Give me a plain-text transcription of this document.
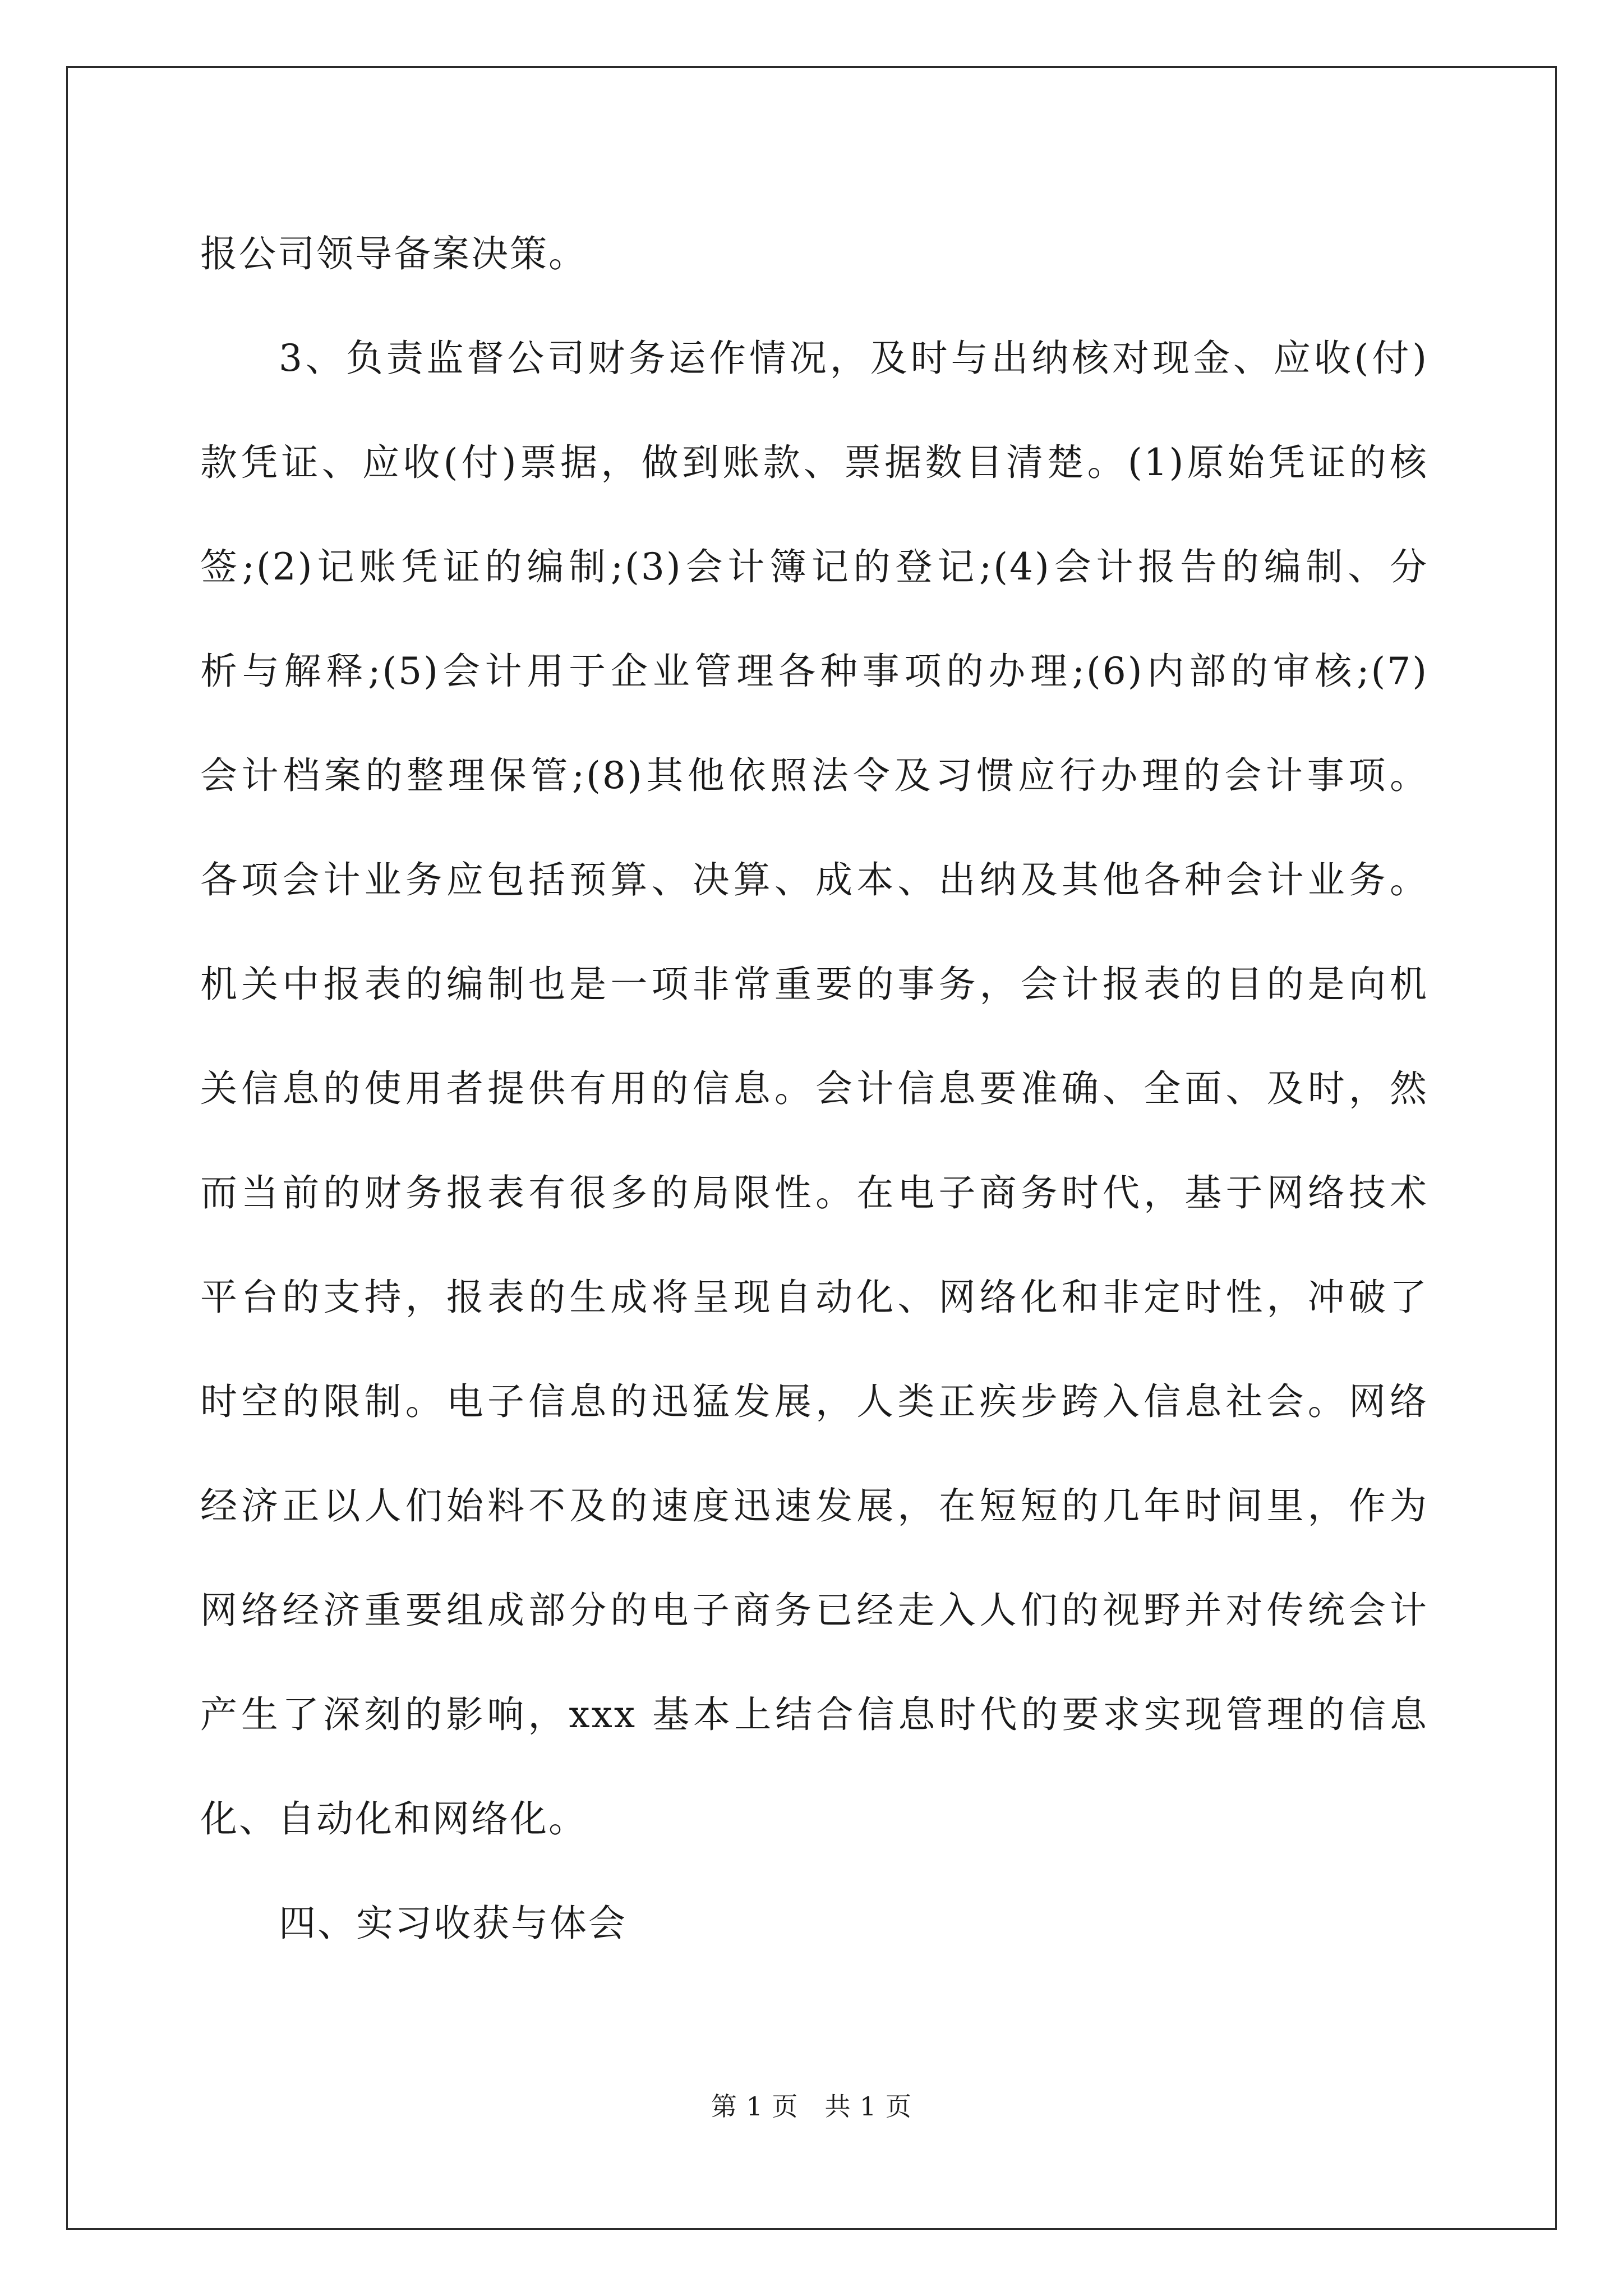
报公司领导备案决策。
3、负责监督公司财务运作情况，及时与出纳核对现金、应收(付)
款凭证、应收(付)票据，做到账款、票据数目清楚。(1)原始凭证的核
签;(2)记账凭证的编制;(3)会计簿记的登记;(4)会计报告的编制、分
析与解释;(5)会计用于企业管理各种事项的办理;(6)内部的审核;(7)
会计档案的整理保管;(8)其他依照法令及习惯应行办理的会计事项。
各项会计业务应包括预算、决算、成本、出纳及其他各种会计业务。
机关中报表的编制也是一项非常重要的事务，会计报表的目的是向机
关信息的使用者提供有用的信息。会计信息要准确、全面、及时，然
而当前的财务报表有很多的局限性。在电子商务时代，基于网络技术
平台的支持，报表的生成将呈现自动化、网络化和非定时性，冲破了
时空的限制。电子信息的迅猛发展，人类正疾步跨入信息社会。网络
经济正以人们始料不及的速度迅速发展，在短短的几年时间里，作为
网络经济重要组成部分的电子商务已经走入人们的视野并对传统会计
产生了深刻的影响，xxx 基本上结合信息时代的要求实现管理的信息
化、自动化和网络化。
四、实习收获与体会
第 1 页 共 1 页
